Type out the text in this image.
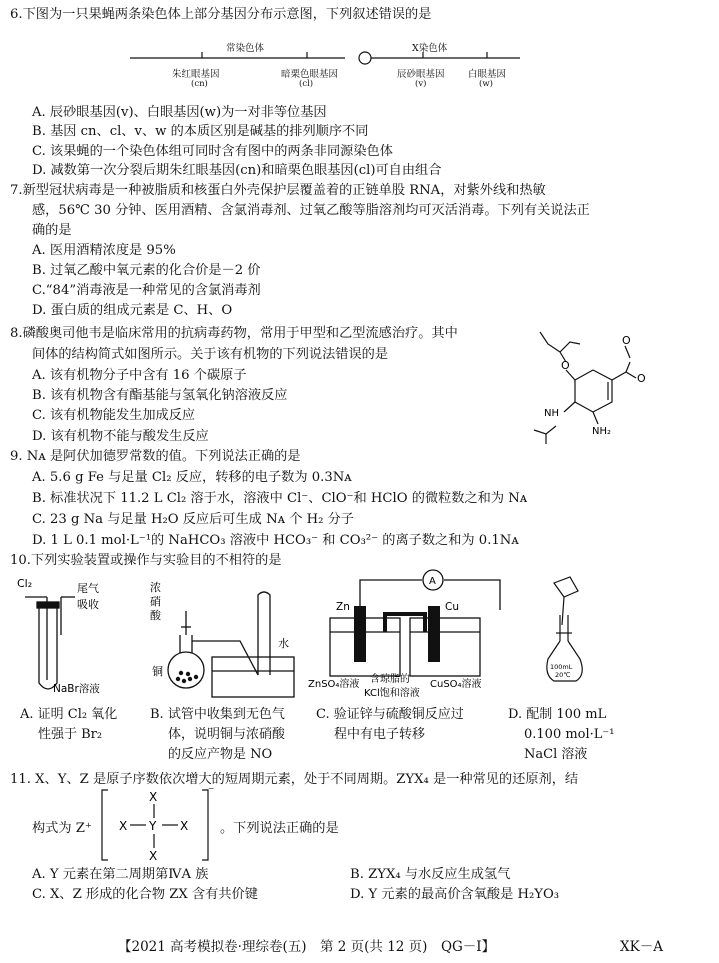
6.下图为一只果蝇两条染色体上部分基因分布示意图，下列叙述错误的是
常染色体	X染色体
朱红眼基因
(cn)
暗栗色眼基因
(cl)
辰砂眼基因
(v)
白眼基因
(w)
A. 辰砂眼基因(v)、白眼基因(w)为一对非等位基因
B. 基因 cn、cl、v、w 的本质区别是碱基的排列顺序不同
C. 该果蝇的一个染色体组可同时含有图中的两条非同源染色体
D. 减数第一次分裂后期朱红眼基因(cn)和暗栗色眼基因(cl)可自由组合
7.新型冠状病毒是一种被脂质和核蛋白外壳保护层覆盖着的正链单股 RNA，对紫外线和热敏
感，56℃ 30 分钟、医用酒精、含氯消毒剂、过氧乙酸等脂溶剂均可灭活消毒。下列有关说法正
确的是
A. 医用酒精浓度是 95%
B. 过氧乙酸中氧元素的化合价是－2 价
C.“84”消毒液是一种常见的含氯消毒剂
D. 蛋白质的组成元素是 C、H、O
8.磷酸奥司他韦是临床常用的抗病毒药物，常用于甲型和乙型流感治疗。其中
间体的结构简式如图所示。关于该有机物的下列说法错误的是
A. 该有机物分子中含有 16 个碳原子
B. 该有机物含有酯基能与氢氧化钠溶液反应
C. 该有机物能发生加成反应
D. 该有机物不能与酸发生反应
O
O
O
NH
NH₂
9. Nᴀ 是阿伏加德罗常数的值。下列说法正确的是
A. 5.6 g Fe 与足量 Cl₂ 反应，转移的电子数为 0.3Nᴀ
B. 标准状况下 11.2 L Cl₂ 溶于水，溶液中 Cl⁻、ClO⁻和 HClO 的微粒数之和为 Nᴀ
C. 23 g Na 与足量 H₂O 反应后可生成 Nᴀ 个 H₂ 分子
D. 1 L 0.1 mol·L⁻¹的 NaHCO₃ 溶液中 HCO₃⁻ 和 CO₃²⁻ 的离子数之和为 0.1Nᴀ
10.下列实验装置或操作与实验目的不相符的是
Cl₂	尾气
吸收
NaBr溶液
浓
硝
酸
铜
水
A
Zn	Cu
ZnSO₄溶液 含琼脂的
KCl饱和溶液
CuSO₄溶液
100mL
20℃
A. 证明 Cl₂ 氧化
性强于 Br₂
B. 试管中收集到无色气
体，说明铜与浓硝酸
的反应产物是 NO
C. 验证锌与硫酸铜反应过
程中有电子转移
D. 配制 100 mL
0.100 mol·L⁻¹
NaCl 溶液
11. X、Y、Z 是原子序数依次增大的短周期元素，处于不同周期。ZYX₄ 是一种常见的还原剂，结
构式为 Z⁺
X
X Y X
X
⁻
。下列说法正确的是
A. Y 元素在第二周期第ⅣA 族	B. ZYX₄ 与水反应生成氢气
C. X、Z 形成的化合物 ZX 含有共价键	D. Y 元素的最高价含氧酸是 H₂YO₃
【2021 高考模拟卷·理综卷(五)　第 2 页(共 12 页)　QG－Ⅰ】	XK－A
